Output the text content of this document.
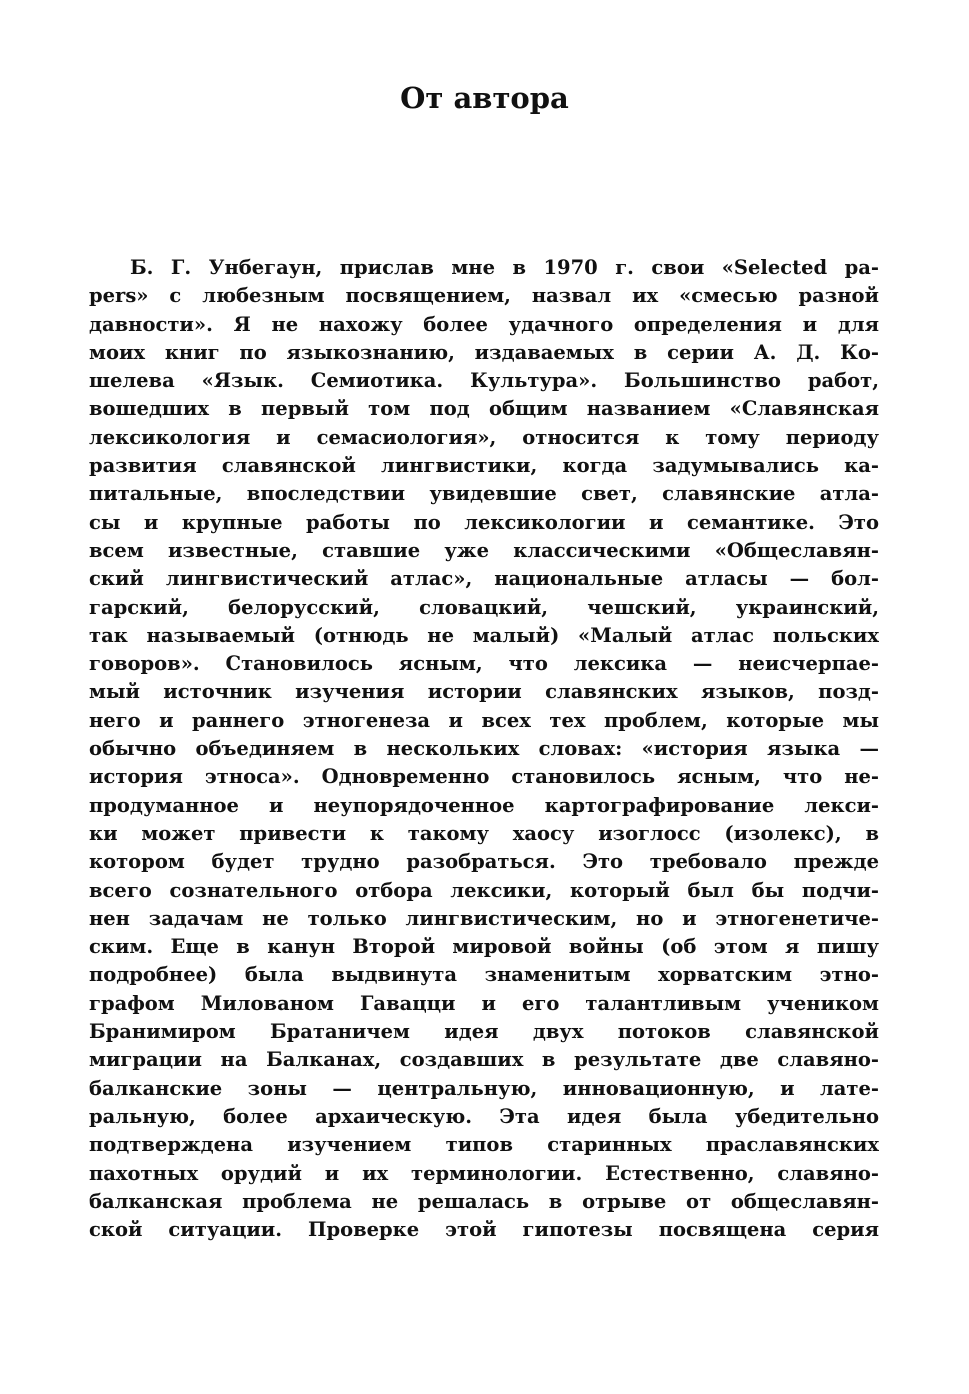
От автора
Б. Г. Унбегаун, прислав мне в 1970 г. свои «Selected pa-
pers» с любезным посвящением, назвал их «смесью разной
давности». Я не нахожу более удачного определения и для
моих книг по языкознанию, издаваемых в серии А. Д. Ко-
шелева «Язык. Семиотика. Культура». Большинство работ,
вошедших в первый том под общим названием «Славянская
лексикология и семасиология», относится к тому периоду
развития славянской лингвистики, когда задумывались ка-
питальные, впоследствии увидевшие свет, славянские атла-
сы и крупные работы по лексикологии и семантике. Это
всем известные, ставшие уже классическими «Общеславян-
ский лингвистический атлас», национальные атласы — бол-
гарский, белорусский, словацкий, чешский, украинский,
так называемый (отнюдь не малый) «Малый атлас польских
говоров». Становилось ясным, что лексика — неисчерпае-
мый источник изучения истории славянских языков, позд-
него и раннего этногенеза и всех тех проблем, которые мы
обычно объединяем в нескольких словах: «история языка —
история этноса». Одновременно становилось ясным, что не-
продуманное и неупорядоченное картографирование лекси-
ки может привести к такому хаосу изоглосс (изолекс), в
котором будет трудно разобраться. Это требовало прежде
всего сознательного отбора лексики, который был бы подчи-
нен задачам не только лингвистическим, но и этногенетиче-
ским. Еще в канун Второй мировой войны (об этом я пишу
подробнее) была выдвинута знаменитым хорватским этно-
графом Милованом Гавацци и его талантливым учеником
Бранимиром Братаничем идея двух потоков славянской
миграции на Балканах, создавших в результате две славяно-
балканские зоны — центральную, инновационную, и лате-
ральную, более архаическую. Эта идея была убедительно
подтверждена изучением типов старинных праславянских
пахотных орудий и их терминологии. Естественно, славяно-
балканская проблема не решалась в отрыве от общеславян-
ской ситуации. Проверке этой гипотезы посвящена серия
